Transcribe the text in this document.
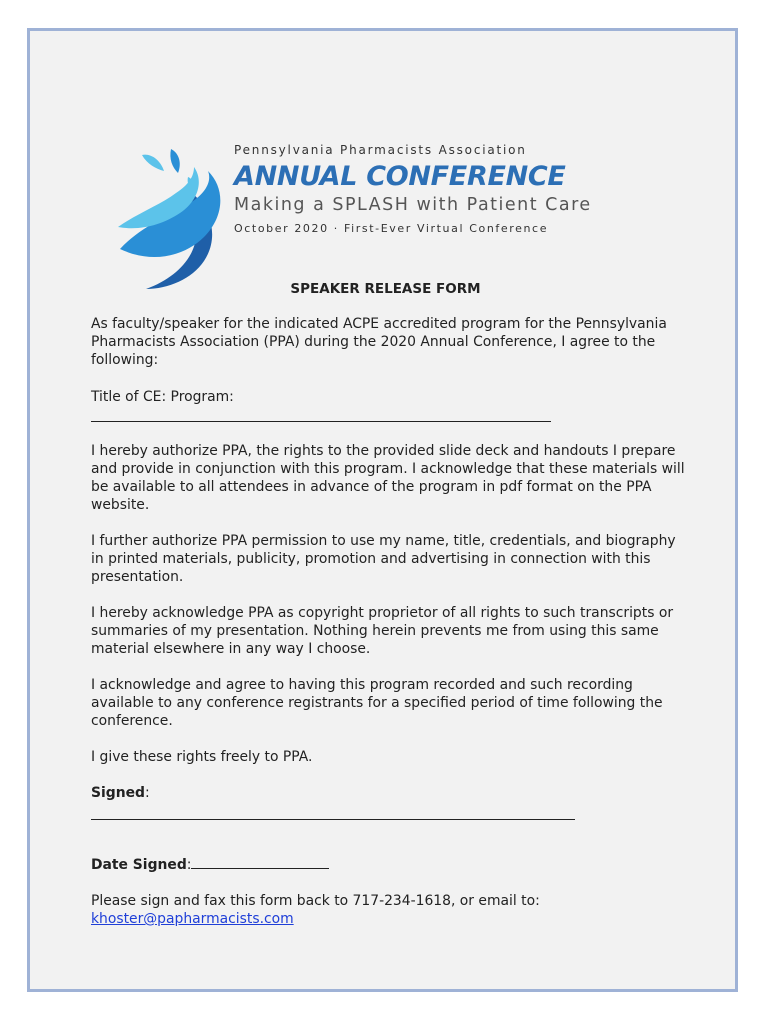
Pennsylvania Pharmacists Association
ANNUAL CONFERENCE
Making a SPLASH with Patient Care
October 2020 · First-Ever Virtual Conference
SPEAKER RELEASE FORM

As faculty/speaker for the indicated ACPE accredited program for the Pennsylvania Pharmacists Association (PPA) during the 2020 Annual Conference, I agree to the following:

Title of CE: Program:

I hereby authorize PPA, the rights to the provided slide deck and handouts I prepare and provide in conjunction with this program. I acknowledge that these materials will be available to all attendees in advance of the program in pdf format on the PPA website.

I further authorize PPA permission to use my name, title, credentials, and biography in printed materials, publicity, promotion and advertising in connection with this presentation.

I hereby acknowledge PPA as copyright proprietor of all rights to such transcripts or summaries of my presentation. Nothing herein prevents me from using this same material elsewhere in any way I choose.

I acknowledge and agree to having this program recorded and such recording available to any conference registrants for a specified period of time following the conference.

I give these rights freely to PPA.

Signed:

Date Signed:

Please sign and fax this form back to 717-234-1618, or email to:
khoster@papharmacists.com
